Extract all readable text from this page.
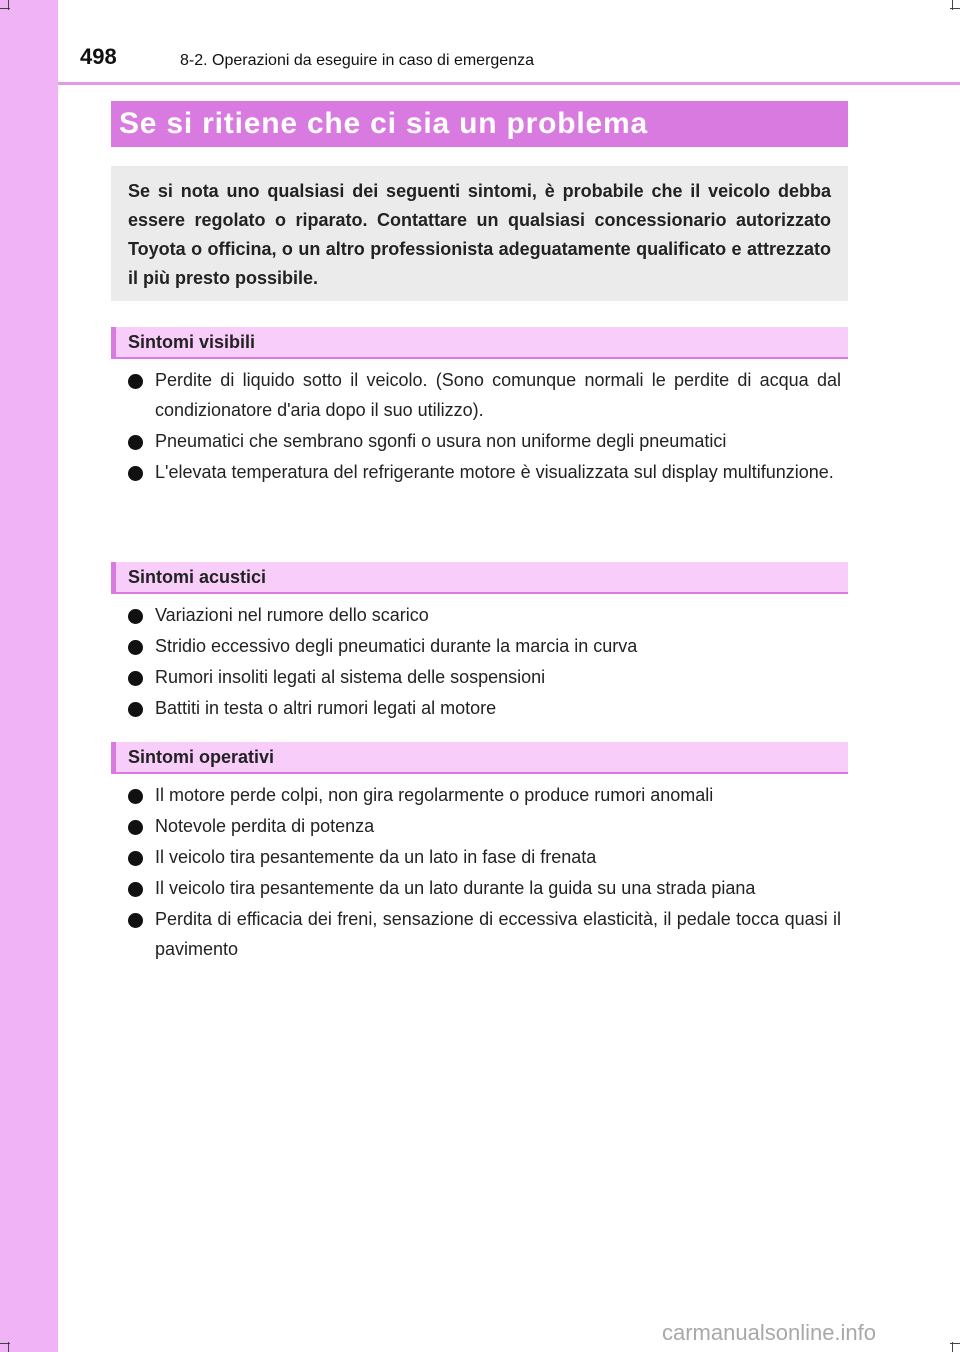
498	8-2. Operazioni da eseguire in caso di emergenza
Se si ritiene che ci sia un problema

Se si nota uno qualsiasi dei seguenti sintomi, è probabile che il veicolo debba essere regolato o riparato. Contattare un qualsiasi concessionario autorizzato Toyota o officina, o un altro professionista adeguatamente qualificato e attrezzato il più presto possibile.

Sintomi visibili
Perdite di liquido sotto il veicolo. (Sono comunque normali le perdite di acqua dal condizionatore d'aria dopo il suo utilizzo).
Pneumatici che sembrano sgonfi o usura non uniforme degli pneumatici
L'elevata temperatura del refrigerante motore è visualizzata sul display multifunzione.
Sintomi acustici
Variazioni nel rumore dello scarico
Stridio eccessivo degli pneumatici durante la marcia in curva
Rumori insoliti legati al sistema delle sospensioni
Battiti in testa o altri rumori legati al motore
Sintomi operativi
Il motore perde colpi, non gira regolarmente o produce rumori anomali
Notevole perdita di potenza
Il veicolo tira pesantemente da un lato in fase di frenata
Il veicolo tira pesantemente da un lato durante la guida su una strada piana
Perdita di efficacia dei freni, sensazione di eccessiva elasticità, il pedale tocca quasi il pavimento
carmanualsonline.info
